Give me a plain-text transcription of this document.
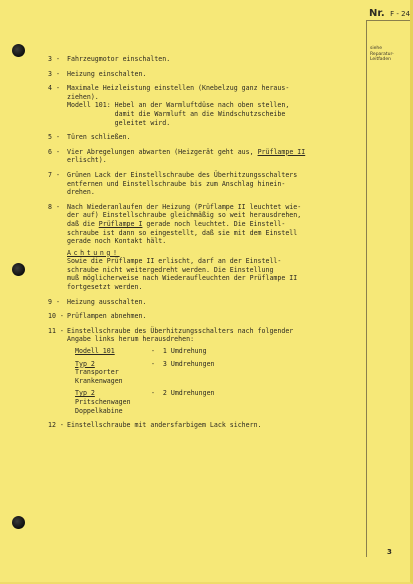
Nr. F - 24
siehe
Reparatur-
Leitfaden
3 - Fahrzeugmotor einschalten.
3 - Heizung einschalten.
4 - Maximale Heizleistung einstellen (Knebelzug ganz heraus-
ziehen).
Modell 101: Hebel an der Warmluftdüse nach oben stellen,
damit die Warmluft an die Windschutzscheibe
geleitet wird.
5 - Türen schließen.
6 - Vier Abregelungen abwarten (Heizgerät geht aus, Prüflampe II
erlischt).
7 - Grünen Lack der Einstellschraube des Überhitzungsschalters
entfernen und Einstellschraube bis zum Anschlag hinein-
drehen.
8 - Nach Wiederanlaufen der Heizung (Prüflampe II leuchtet wie-
der auf) Einstellschraube gleichmäßig so weit herausdrehen,
daß die Prüflampe I gerade noch leuchtet. Die Einstell-
schraube ist dann so eingestellt, daß sie mit dem Einstell
gerade noch Kontakt hält.
Achtung!
Sowie die Prüflampe II erlischt, darf an der Einstell-
schraube nicht weitergedreht werden. Die Einstellung
muß möglicherweise nach Wiederaufleuchten der Prüflampe II
fortgesetzt werden.
9 - Heizung ausschalten.
10 - Prüflampen abnehmen.
11 - Einstellschraube des Überhitzungsschalters nach folgender
Angabe links herum herausdrehen:
Modell 101	-  1 Umdrehung
Typ 2
Transporter
Krankenwagen
-  3 Umdrehungen
Typ 2
Pritschenwagen
Doppelkabine
-  2 Umdrehungen
12 - Einstellschraube mit andersfarbigem Lack sichern.
3
